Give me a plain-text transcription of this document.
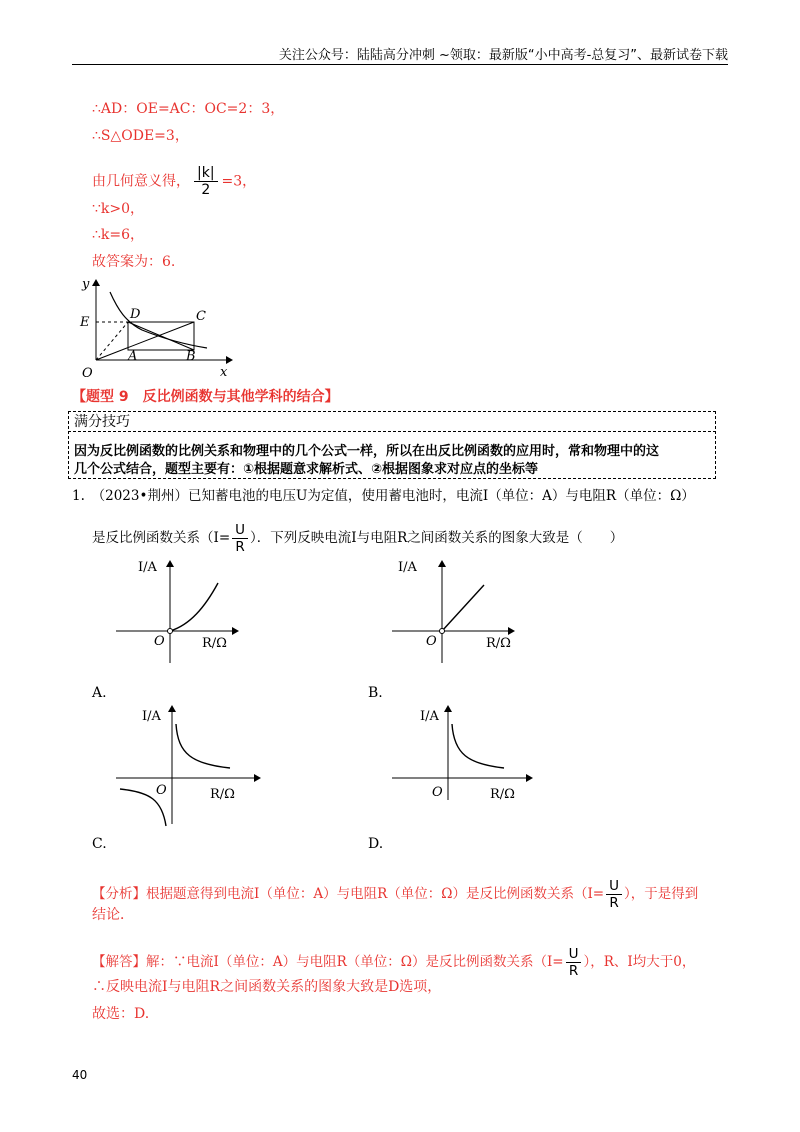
关注公众号：陆陆高分冲刺 ~领取：最新版“小中高考-总复习”、最新试卷下载
∴AD：OE=AC：OC=2：3，
∴S△ODE=3，
由几何意义得， $\frac{|k|}{2} =3$，
∵k>0，
∴k=6，
故答案为：6.
y
x
O
E
D	C
A	B
【题型 9　反比例函数与其他学科的结合】
满分技巧
因为反比例函数的比例关系和物理中的几个公式一样，所以在出反比例函数的应用时，常和物理中的这
几个公式结合，题型主要有：①根据题意求解析式、②根据图象求对应点的坐标等
1.　（2023•荆州）已知蓄电池的电压U为定值，使用蓄电池时，电流I（单位：A）与电阻R（单位：Ω）
是反比例函数关系（$I= \frac{U}{R}$ ）．下列反映电流I与电阻R之间函数关系的图象大致是（　　）
I/A
R/Ω
O
A.
I/A
R/Ω
O
B.
I/A
R/Ω
O
C.
I/A
R/Ω
O
D.
【分析】根据题意得到电流I（单位：A）与电阻R（单位：Ω）是反比例函数关系（$I= \frac{U}{R}$ ），于是得到
结论．
【解答】解：∵电流I（单位：A）与电阻R（单位：Ω）是反比例函数关系（$I= \frac{U}{R}$ ），R、I均大于0，
∴反映电流I与电阻R之间函数关系的图象大致是D选项，
故选：D.
40
